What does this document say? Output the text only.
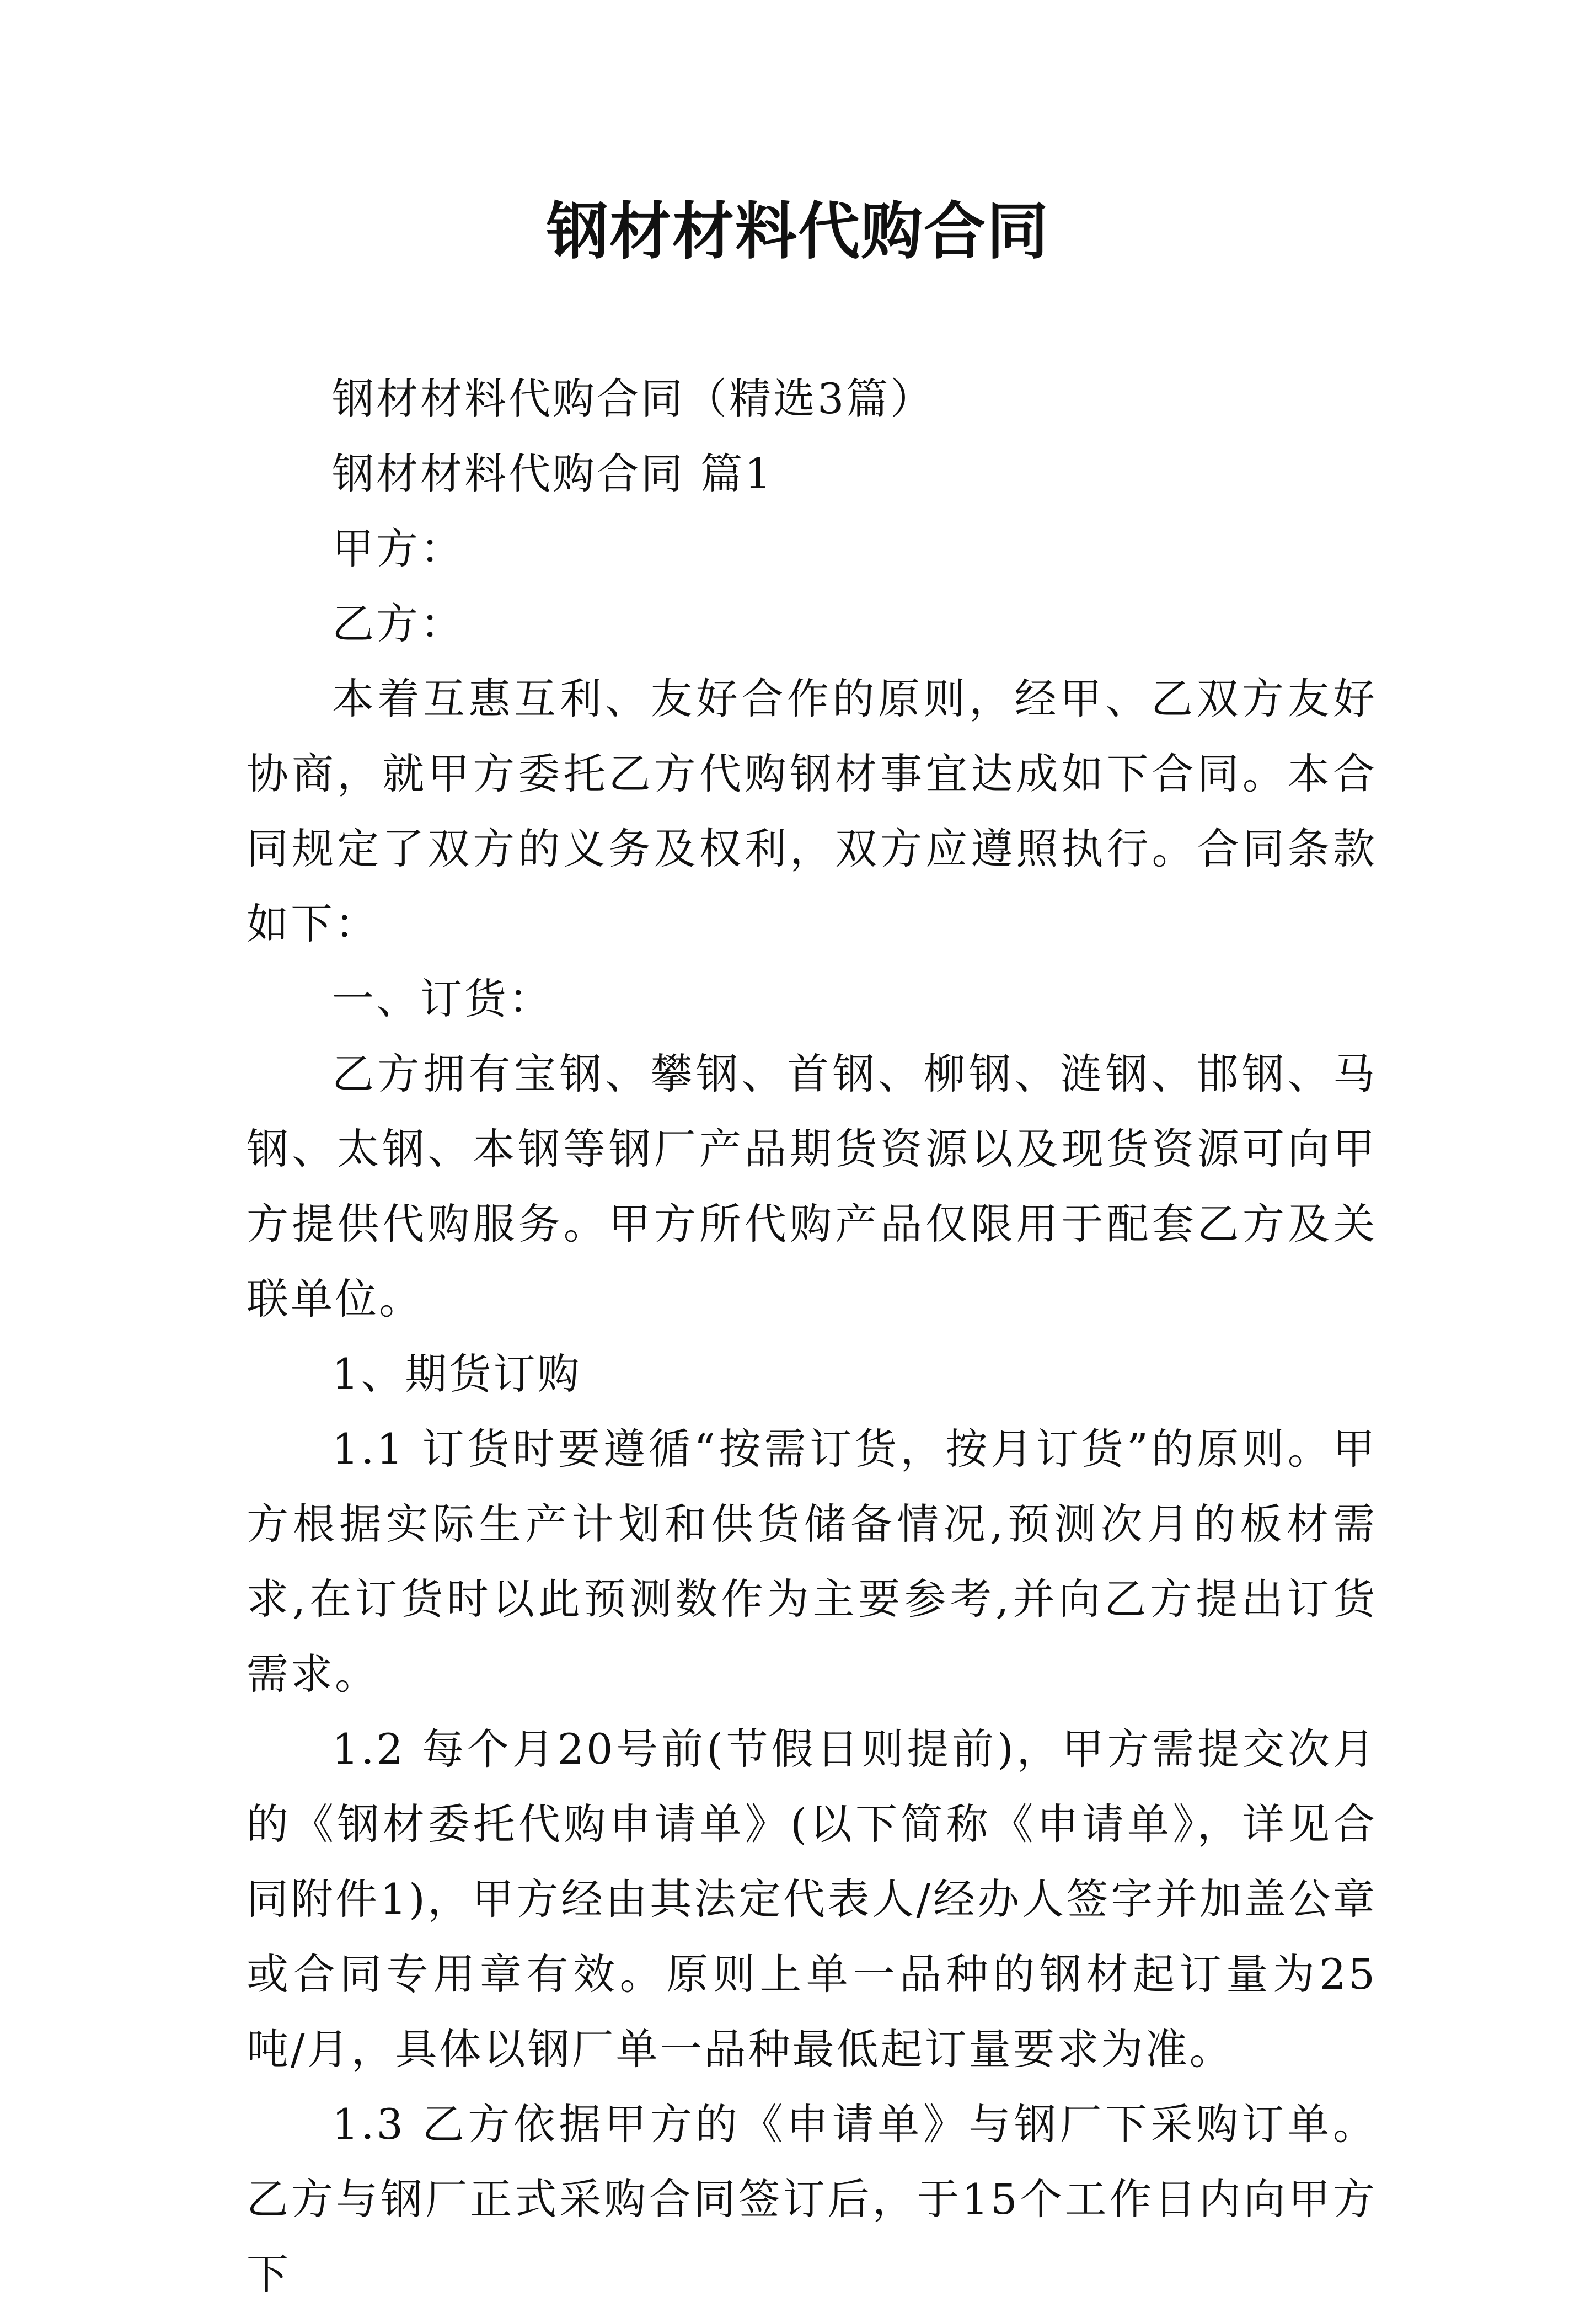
钢材材料代购合同

钢材材料代购合同（精选3篇）

钢材材料代购合同 篇1

甲方：

乙方：

本着互惠互利、友好合作的原则，经甲、乙双方友好协商，就甲方委托乙方代购钢材事宜达成如下合同。本合同规定了双方的义务及权利，双方应遵照执行。合同条款如下：

一、订货：

乙方拥有宝钢、攀钢、首钢、柳钢、涟钢、邯钢、马钢、太钢、本钢等钢厂产品期货资源以及现货资源可向甲方提供代购服务。甲方所代购产品仅限用于配套乙方及关联单位。

1、期货订购

1.1 订货时要遵循“按需订货，按月订货”的原则。甲方根据实际生产计划和供货储备情况,预测次月的板材需求,在订货时以此预测数作为主要参考,并向乙方提出订货需求。

1.2 每个月20号前(节假日则提前)，甲方需提交次月的《钢材委托代购申请单》(以下简称《申请单》，详见合同附件1)，甲方经由其法定代表人/经办人签字并加盖公章或合同专用章有效。原则上单一品种的钢材起订量为25吨/月，具体以钢厂单一品种最低起订量要求为准。

1.3 乙方依据甲方的《申请单》与钢厂下采购订单。乙方与钢厂正式采购合同签订后，于15个工作日内向甲方下
